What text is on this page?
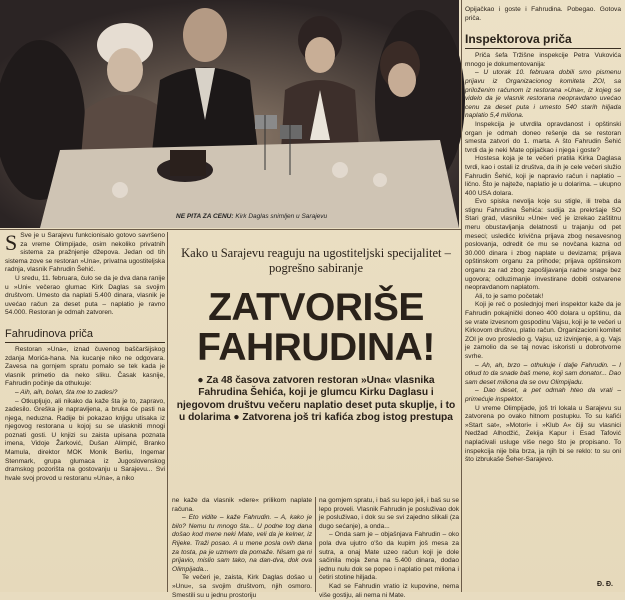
NE PITA ZA CENU: Kirk Daglas snimljen u Sarajevu

Opijačkao i goste i Fahrudina. Pobegao. Gotova priča.

Inspektorova priča

Priča šefa Tržišne inspekcije Petra Vukovića mnogo je dokumentovanija:

– U utorak 10. februara dobili smo pismenu prijavu iz Organizacionog komiteta ZOI, sa priloženim računom iz restorana »Una«, iz kojeg se videlo da je vlasnik restorana neopravdano uvećao cenu za deset puta i umesto 540 starih hiljada naplatio 5,4 miliona.

Inspekcija je utvrdila opravdanost i opštinski organ je odmah doneo rešenje da se restoran smesta zatvori do 1. marta. A što Fahrudin Šehić tvrdi da je neki Mate opijačkao i njega i goste?

Hostesa koja je te večeri pratila Kirka Daglasa tvrdi, kao i ostali iz društva, da ih je cele večeri služio Fahrudin Šehić, koji je napravio račun i naplatio – lično. Što je najteže, naplatio je u dolarima. – ukupno 400 USA dolara.

Evo spiska nevolja koje su stigle, ili treba da stignu Fahrudina Šehića: sudija za prekršaje SO Stari grad, vlasniku »Une« već je izrekao zaštitnu meru obustavljanja delatnosti u trajanju od pet meseci; usledićc krivična prijava zbog nesavesnog poslovanja, odredit će mu se novčana kazna od 30.000 dinara i zbog naplate u devizama; prijava opštinskom organu za prihode; prijava opštinskom organu za rad zbog zapošljavanja radne snage bez ugovora; odluzimanje investirane dobiti ostvarene neopravdanom naplatom.

Ali, to je samo početak!

Koji je reč o poslednjoj meri inspektor kaže da je Fahrudin pokajnički doneo 400 dolara u opštinu, da se vrate izvesnom gospodinu Vajsu, koji je te večeri u Kirkovom društvu, platio račun. Organizacioni komitet ZOI je ovo prosledio g. Vajsu, uz izvinjenje, a g. Vajs je zamolio da se taj novac iskoristi u dobrotvorne svrhe.

– Ah, ah, brzo – othukuje i dalje Fahrudin. – I otkud to da snade baš mene, koji sam donator... Dao sam deset miliona da se ovu Olimpijadu.

– Dao deset, a pet odmah hteo da vrati – primećuje inspektor.

U vreme Olimpijade, još tri lokala u Sarajevu su zatvorena po ovako hitnom postupku. To su kafići »Start sat«, »Motori« i »Klub A« čiji su vlasnici Nedžad Alhodžić, Zekija Kapur i Esad Tafović naplaćivali usluge više nego što je propisano. To inspekcija nije bila brza, ja njih bi se reklo: to su oni što izbrukaše Šeher-Sarajevo.

S Sve je u Sarajevu funkcionisalo gotovo savršeno za vreme Olimpijade, osim nekoliko privatnih sistema za pražnjenje džepova. Jedan od tih sistema zove se restoran »Una«, privatna ugostiteljska radnja, vlasnik Fahrudin Šehić.

U sredu, 11. februara, čulo se da je dva dana ranije u »Uni« večerao glumac Kirk Daglas sa svojim društvom. Umesto da naplati 5.400 dinara, vlasnik je uvećao račun za deset puta – naplatio je ravno 54.000. Restoran je odmah zatvoren.

Fahrudinova priča

Restoran »Una«, iznad čuvenog baščaršijskog zdanja Morića-hana. Na kucanje niko ne odgovara. Zavesa na gornjem spratu pomalo se tek kada je vlasnik primetio da neko sliku. Časak kasnije, Fahrudin počinje da othukuje:

– Aih, aih, bolan, šta me to zadesi?

– Otkupljujo, ali nikako da kaže šta je to, zapravo, zadesilo. Greška je napravljena, a bruka će pasti na njega, neduzna. Radije bi pokazao knjigu utisaka iz njegovog restorana u kojoj su se ulaskniti mnogi poznati gosti. U knjizi su zaista upisana poznata imena, Vidoje Žarković, Dušan Alimpić, Branko Mamula, direktor MOK Monik Berliu, Ingemar Stenmark, grupa glumaca iz Jugoslovenskog dramskog pozorišta na gostovanju u Sarajevu... Svi hvale svoj provod u restoranu »Una«, a niko

Kako u Sarajevu reaguju na ugostiteljski specijalitet – pogrešno sabiranje
ZATVORIŠE
FAHRUDINA!
● Za 48 časova zatvoren restoran »Una« vlasnika Fahrudina Šehića, koji je glumcu Kirku Daglasu i njegovom društvu večeru naplatio deset puta skuplje, i to u dolarima ● Zatvorena još tri kafića zbog istog prestupa

ne kaže da vlasnik »dere« prilikom naplate računa.

– Eto vidite – kaže Fahrudin. – A, kako je bilo? Nemu tu mnogo šta... U podne tog dana došao kod mene neki Mate, veli da je kelner, iz Rijeke. Traži posao. A u mene posla ovih dana za tosta, pa je uzmem da pomaže. Nisam ga ni prijavio, mislio sam tako, na dan-dva, dok ova Olimpijada...

Te večeri je, zaista, Kirk Daglas došao u »Unu«, sa svojim društvom, njih osmoro. Smestili su u jednu prostoriju

na gornjem spratu, i baš su lepo jeli, i baš su se lepo proveli. Vlasnik Fahrudin je posluživao dok je posluživao, i dok su se svi zajedno slikali (za dugo sećanje), a onda...

– Onda sam je – objašnjava Fahrudin – oko pola dva ujutro o'šo da kupim još mesa za sutra, a onaj Mate uzeo račun koji je dole sačinila moja žena na 5.400 dinara, dodao jednu nulu dok se popeo i naplatio pet miliona i četiri stotine hiljada.

Kad se Fahrudin vratio iz kupovine, nema više gostiju, ali nema ni Mate.

Đ. Đ.
